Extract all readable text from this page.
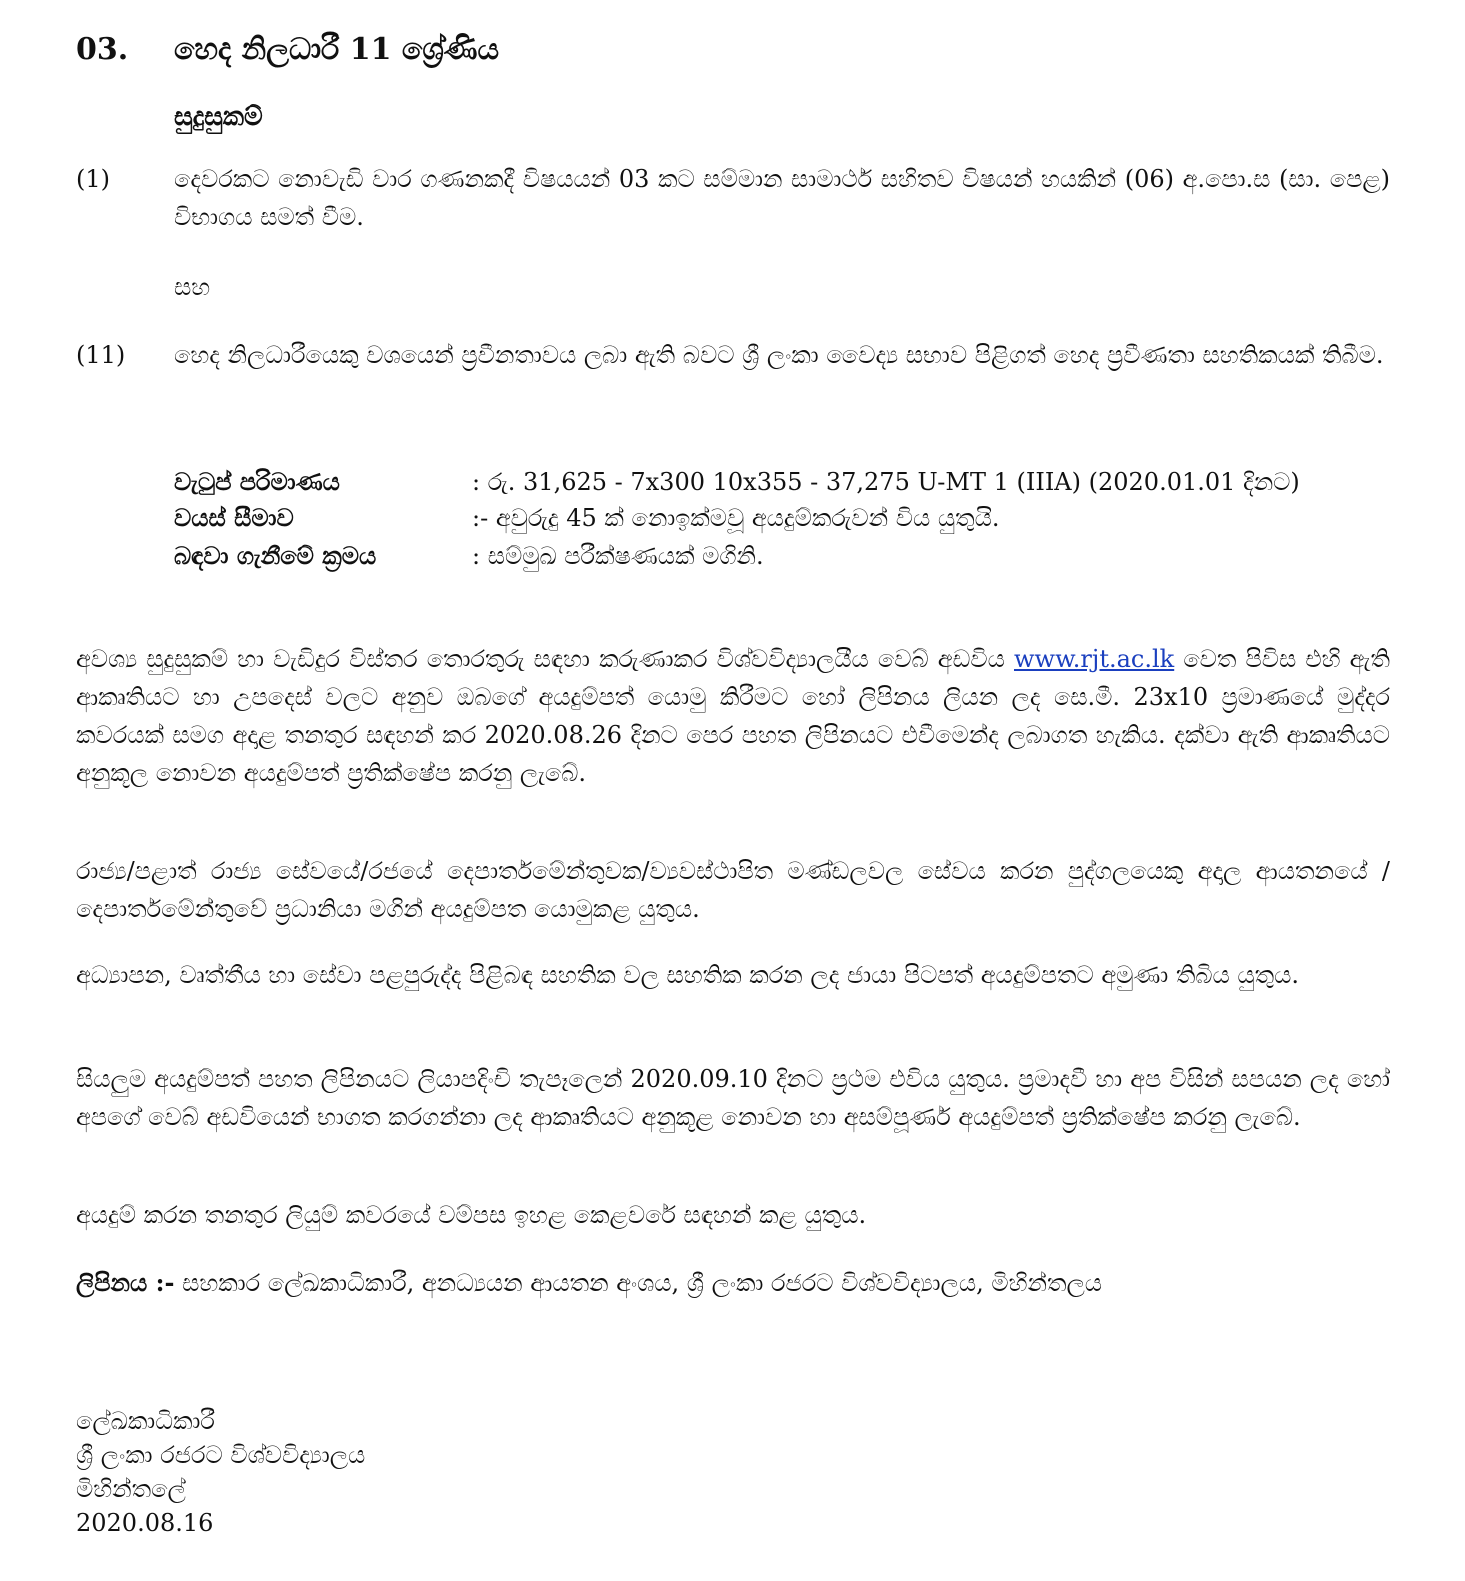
03. හෙද නිලධාරී 11 ශ්‍රේණිය
සුදුසුකම්
(1)	දෙවරකට නොවැඩි වාර ගණනකදී විෂයයන් 03 කට සම්මාන සාමාර්ථ සහිතව විෂයන් හයකින් (06) අ.පො.ස (සා. පෙළ) විභාගය සමත් වීම.
සහ
(11) හෙද නිලධාරීයෙකු වශයෙන් ප්‍රවීනතාවය ලබා ඇති බවට ශ්‍රී ලංකා වෛද්‍ය සභාව පිළිගත් හෙද ප්‍රවීණතා සහතිකයක් තිබීම.
වැටුප් පරිමාණය	: රු. 31,625 - 7x300 10x355 - 37,275 U-MT 1 (IIIA) (2020.01.01 දිනට)
වයස් සීමාව	:- අවුරුදු 45 ක් නොඉක්මවූ අයදුම්කරුවන් විය යුතුයි.
බඳවා ගැනීමේ ක්‍රමය	: සම්මුඛ පරීක්ෂණයක් මගිනි.
අවශ්‍ය සුදුසුකම් හා වැඩිදුර විස්තර තොරතුරු සඳහා කරුණාකර විශ්වවිද්‍යාලයීය වෙබ් අඩවිය www.rjt.ac.lk වෙත පිවිස එහි ඇති ආකෘතියට හා උපදෙස් වලට අනුව ඔබගේ අයදුම්පත් යොමු කිරීමට හෝ ලිපිනය ලියන ලද සෙ.මී. 23x10 ප්‍රමාණයේ මුද්දර කවරයක් සමග අදාළ තනතුර සඳහන් කර 2020.08.26 දිනට පෙර පහත ලිපිනයට එවීමෙන්ද ලබාගත හැකිය. දක්වා ඇති ආකෘතියට අනුකූල නොවන අයදුම්පත් ප්‍රතික්ෂේප කරනු ලැබේ.
රාජ්‍ය/පළාත් රාජ්‍ය සේවයේ/රජයේ දෙපාර්තමේන්තුවක/ව්‍යවස්ථාපිත මණ්ඩලවල සේවය කරන පුද්ගලයෙකු අදාල ආයතනයේ /දෙපාර්තමේන්තුවේ ප්‍රධානියා මගින් අයදුම්පත යොමුකළ යුතුය.
අධ්‍යාපන, වෘත්තීය හා සේවා පළපුරුද්ද පිළිබඳ සහතික වල සහතික කරන ලද ජායා පිටපත් අයදුම්පතට අමුණා තිබිය යුතුය.
සියලුම අයදුම්පත් පහත ලිපිනයට ලියාපදිංචි තැපෑලෙන් 2020.09.10 දිනට ප්‍රථම එවිය යුතුය. ප්‍රමාදවී හා අප විසින් සපයන ලද හෝ අපගේ වෙබ් අඩවියෙන් භාගත කරගන්නා ලද ආකෘතියට අනුකූළ නොවන හා අසම්පූර්ණ අයදුම්පත් ප්‍රතික්ෂේප කරනු ලැබේ.
අයදුම් කරන තනතුර ලියුම් කවරයේ වම්පස ඉහළ කෙළවරේ සඳහන් කළ යුතුය.
ලිපිනය :- සහකාර ලේඛකාධිකාරී, අනධ්‍යයන ආයතන අංශය, ශ්‍රී ලංකා රජරට විශ්වවිද්‍යාලය, මිහින්තලය
ලේඛකාධිකාරී
ශ්‍රී ලංකා රජරට විශ්වවිද්‍යාලය
මිහින්තලේ
2020.08.16
